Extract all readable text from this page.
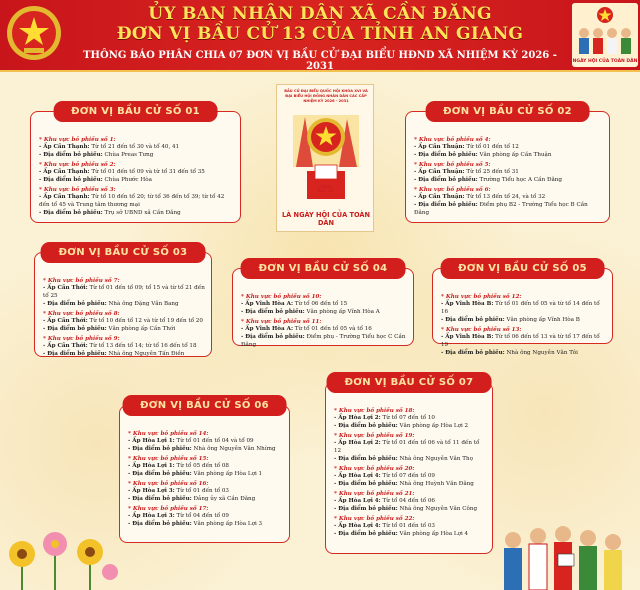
ỦY BAN NHÂN DÂN XÃ CẦN ĐĂNG
ĐƠN VỊ BẦU CỬ 13 CỦA TỈNH AN GIANG
THÔNG BÁO PHÂN CHIA 07 ĐƠN VỊ BẦU CỬ ĐẠI BIỂU HĐND XÃ NHIỆM KỲ 2026 - 2031	NGÀY HỘI CỦA TOÀN DÂN
BẦU CỬ ĐẠI BIỂU QUỐC HỘI KHÓA XVI VÀ ĐẠI BIỂU HỘI ĐỒNG NHÂN DÂN CÁC CẤP NHIỆM KỲ 2026 - 2031
PHIẾU BẦU CỬ
LÀ NGÀY HỘI CỦA TOÀN DÂN
ĐƠN VỊ BẦU CỬ SỐ 01
* Khu vực bỏ phiếu số 1:
- Ấp Cần Thạnh: Từ tổ 21 đến tổ 30 và tổ 40, 41
- Địa điểm bỏ phiếu: Chùa Preas Tưng
* Khu vực bỏ phiếu số 2:
- Ấp Cần Thạnh: Từ tổ 01 đến tổ 09 và từ tổ 31 đến tổ 35
- Địa điểm bỏ phiếu: Chùa Phước Hòa
* Khu vực bỏ phiếu số 3:
- Ấp Cần Thạnh: Từ tổ 10 đến tổ 20; từ tổ 36 đến tổ 39; từ tổ 42 đến tổ 45 và Trung tâm thương mại
- Địa điểm bỏ phiếu: Trụ sở UBND xã Cần Đăng
ĐƠN VỊ BẦU CỬ SỐ 02
* Khu vực bỏ phiếu số 4:
- Ấp Cần Thuận: Từ tổ 01 đến tổ 12
- Địa điểm bỏ phiếu: Văn phòng ấp Cần Thuận
* Khu vực bỏ phiếu số 5:
- Ấp Cần Thuận: Từ tổ 25 đến tổ 31
- Địa điểm bỏ phiếu: Trường Tiểu học A Cần Đăng
* Khu vực bỏ phiếu số 6:
- Ấp Cần Thuận: Từ tổ 13 đến tổ 24, và tổ 32
- Địa điểm bỏ phiếu: Điểm phụ B2 - Trường Tiểu học B Cần Đăng
ĐƠN VỊ BẦU CỬ SỐ 03
* Khu vực bỏ phiếu số 7:
- Ấp Cần Thới: Từ tổ 01 đến tổ 09; tổ 15 và từ tổ 21 đến tổ 25
- Địa điểm bỏ phiếu: Nhà ông Đặng Văn Bang
* Khu vực bỏ phiếu số 8:
- Ấp Cần Thới: Từ tổ 10 đến tổ 12 và từ tổ 19 đến tổ 20
- Địa điểm bỏ phiếu: Văn phòng ấp Cần Thới
* Khu vực bỏ phiếu số 9:
- Ấp Cần Thới: Từ tổ 13 đến tổ 14; từ tổ 16 đến tổ 18
- Địa điểm bỏ phiếu: Nhà ông Nguyễn Tấn Điền
ĐƠN VỊ BẦU CỬ SỐ 04
* Khu vực bỏ phiếu số 10:
- Ấp Vĩnh Hòa A: Từ tổ 06 đến tổ 15
- Địa điểm bỏ phiếu: Văn phòng ấp Vĩnh Hòa A
* Khu vực bỏ phiếu số 11:
- Ấp Vĩnh Hòa A: Từ tổ 01 đến tổ 05 và tổ 16
- Địa điểm bỏ phiếu: Điểm phụ - Trường Tiểu học C Cần Đăng
ĐƠN VỊ BẦU CỬ SỐ 05
* Khu vực bỏ phiếu số 12:
- Ấp Vĩnh Hòa B: Từ tổ 01 đến tổ 05 và từ tổ 14 đến tổ 16
- Địa điểm bỏ phiếu: Văn phòng ấp Vĩnh Hòa B
* Khu vực bỏ phiếu số 13:
- Ấp Vĩnh Hòa B: Từ tổ 06 đến tổ 13 và từ tổ 17 đến tổ 19
- Địa điểm bỏ phiếu: Nhà ông Nguyễn Văn Tôi
ĐƠN VỊ BẦU CỬ SỐ 06
* Khu vực bỏ phiếu số 14:
- Ấp Hòa Lợi 1: Từ tổ 01 đến tổ 04 và tổ 09
- Địa điểm bỏ phiếu: Nhà ông Nguyễn Văn Nhừng
* Khu vực bỏ phiếu số 15:
- Ấp Hòa Lợi 1: Từ tổ 05 đến tổ 08
- Địa điểm bỏ phiếu: Văn phòng ấp Hòa Lợi 1
* Khu vực bỏ phiếu số 16:
- Ấp Hòa Lợi 3: Từ tổ 01 đến tổ 03
- Địa điểm bỏ phiếu: Đảng ủy xã Cần Đăng
* Khu vực bỏ phiếu số 17:
- Ấp Hòa Lợi 3: Từ tổ 04 đến tổ 09
- Địa điểm bỏ phiếu: Văn phòng ấp Hòa Lợi 3
ĐƠN VỊ BẦU CỬ SỐ 07
* Khu vực bỏ phiếu số 18:
- Ấp Hòa Lợi 2: Từ tổ 07 đến tổ 10
- Địa điểm bỏ phiếu: Văn phòng ấp Hòa Lợi 2
* Khu vực bỏ phiếu số 19:
- Ấp Hòa Lợi 2: Từ tổ 01 đến tổ 06 và tổ 11 đến tổ 12
- Địa điểm bỏ phiếu: Nhà ông Nguyễn Văn Thọ
* Khu vực bỏ phiếu số 20:
- Ấp Hòa Lợi 4: Từ tổ 07 đến tổ 09
- Địa điểm bỏ phiếu: Nhà ông Huỳnh Văn Đăng
* Khu vực bỏ phiếu số 21:
- Ấp Hòa Lợi 4: Từ tổ 04 đến tổ 06
- Địa điểm bỏ phiếu: Nhà ông Nguyễn Văn Công
* Khu vực bỏ phiếu số 22:
- Ấp Hòa Lợi 4: Từ tổ 01 đến tổ 03
- Địa điểm bỏ phiếu: Văn phòng ấp Hòa Lợi 4
